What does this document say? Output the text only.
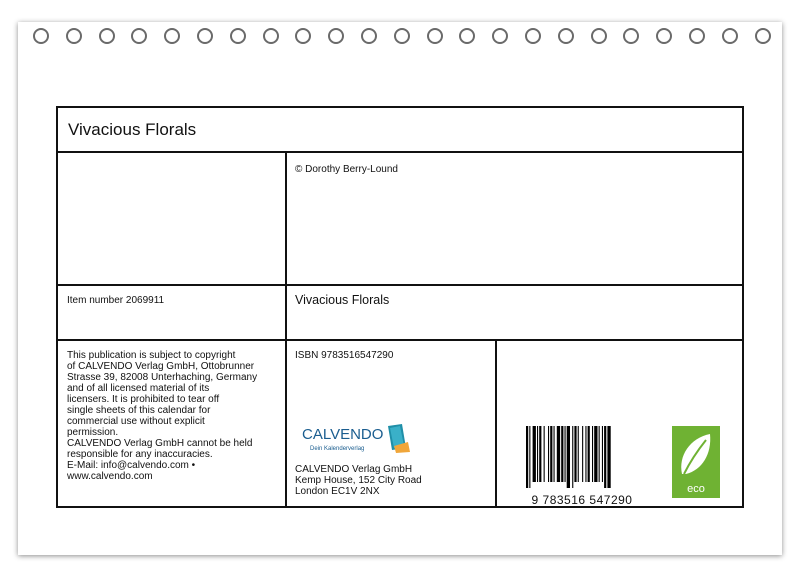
Vivacious Florals
© Dorothy Berry-Lound
Item number 2069911	Vivacious Florals
This publication is subject to copyright
of CALVENDO Verlag GmbH, Ottobrunner
Strasse 39, 82008 Unterhaching, Germany
and of all licensed material of its
licensers. It is prohibited to tear off
single sheets of this calendar for
commercial use without explicit
permission.
CALVENDO Verlag GmbH cannot be held
responsible for any inaccuracies.
E-Mail: info@calvendo.com •
www.calvendo.com
ISBN 9783516547290
CALVENDO
Dein Kalenderverlag
CALVENDO Verlag GmbH
Kemp House, 152 City Road
London EC1V 2NX
9 783516 547290
eco
